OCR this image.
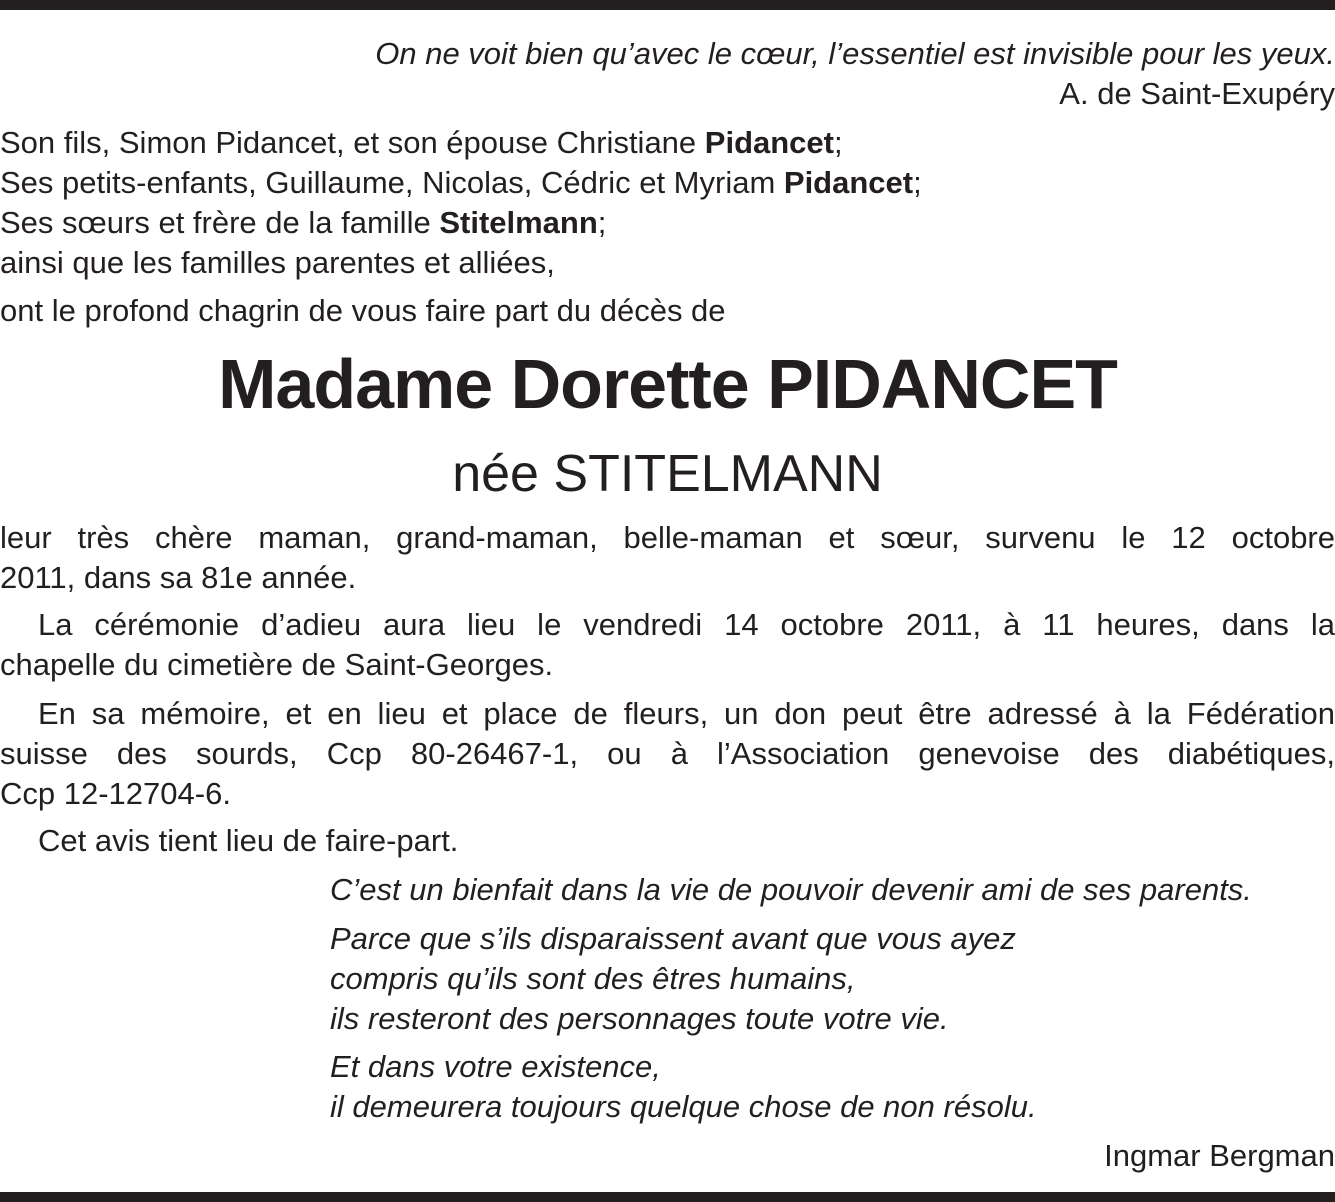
On ne voit bien qu’avec le cœur, l’essentiel est invisible pour les yeux.
A. de Saint-Exupéry
Son fils, Simon Pidancet, et son épouse Christiane Pidancet;
Ses petits-enfants, Guillaume, Nicolas, Cédric et Myriam Pidancet;
Ses sœurs et frère de la famille Stitelmann;
ainsi que les familles parentes et alliées,
ont le profond chagrin de vous faire part du décès de
Madame Dorette PIDANCET
née STITELMANN
leur très chère maman, grand-maman, belle-maman et sœur, survenu le 12 octobre
2011, dans sa 81e année.
La cérémonie d’adieu aura lieu le vendredi 14 octobre 2011, à 11 heures, dans la
chapelle du cimetière de Saint-Georges.
En sa mémoire, et en lieu et place de fleurs, un don peut être adressé à la Fédération
suisse des sourds, Ccp 80-26467-1, ou à l’Association genevoise des diabétiques,
Ccp 12-12704-6.
Cet avis tient lieu de faire-part.
C’est un bienfait dans la vie de pouvoir devenir ami de ses parents.
Parce que s’ils disparaissent avant que vous ayez
compris qu’ils sont des êtres humains,
ils resteront des personnages toute votre vie.
Et dans votre existence,
il demeurera toujours quelque chose de non résolu.
Ingmar Bergman
